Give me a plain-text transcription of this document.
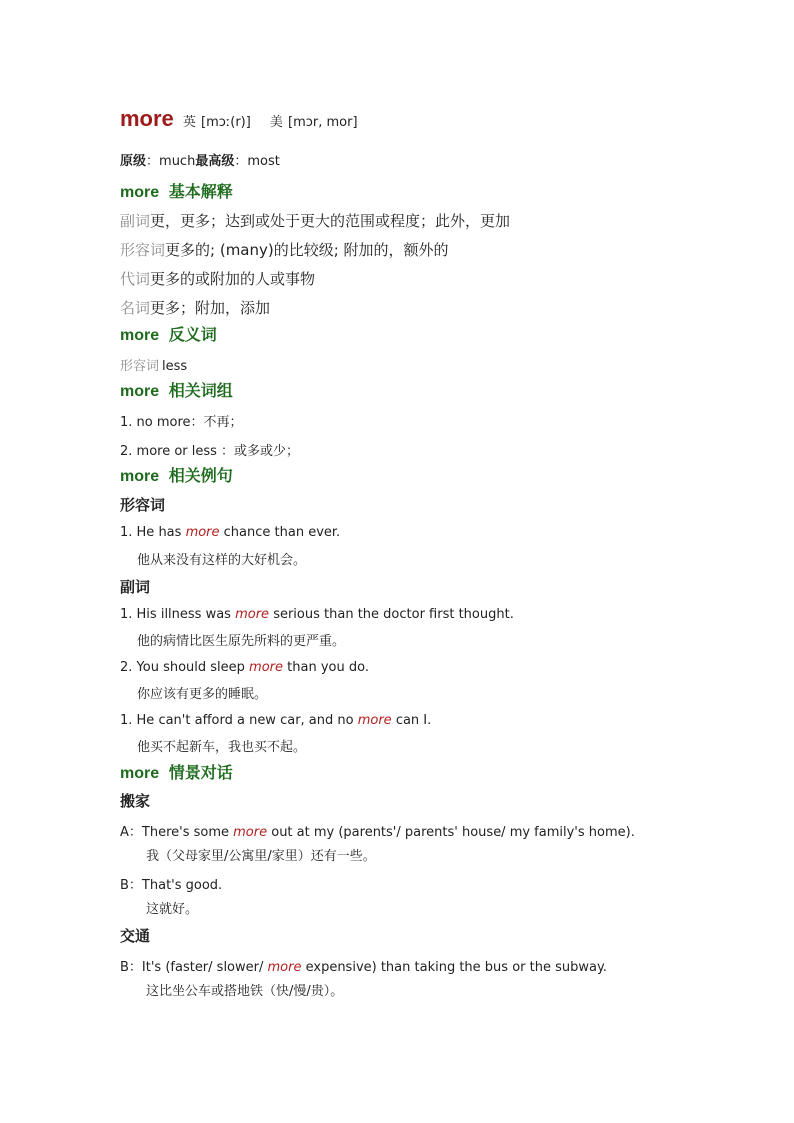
more 英 [mɔː(r)] 美 [mɔr, mor]
原级：much最高级：most
more 基本解释
副词更，更多；达到或处于更大的范围或程度；此外，更加
形容词更多的; (many)的比较级; 附加的，额外的
代词更多的或附加的人或事物
名词更多；附加，添加
more 反义词
形容词 less
more 相关词组
1. no more：不再；
2. more or less ：或多或少；
more 相关例句
形容词
1. He has more chance than ever.
他从来没有这样的大好机会。
副词
1. His illness was more serious than the doctor first thought.
他的病情比医生原先所料的更严重。
2. You should sleep more than you do.
你应该有更多的睡眠。
1. He can't afford a new car, and no more can I.
他买不起新车，我也买不起。
more 情景对话
搬家
A：There's some more out at my (parents'/ parents' house/ my family's home).
我（父母家里/公寓里/家里）还有一些。
B：That's good.
这就好。
交通
B：It's (faster/ slower/ more expensive) than taking the bus or the subway.
这比坐公车或搭地铁（快/慢/贵）。
